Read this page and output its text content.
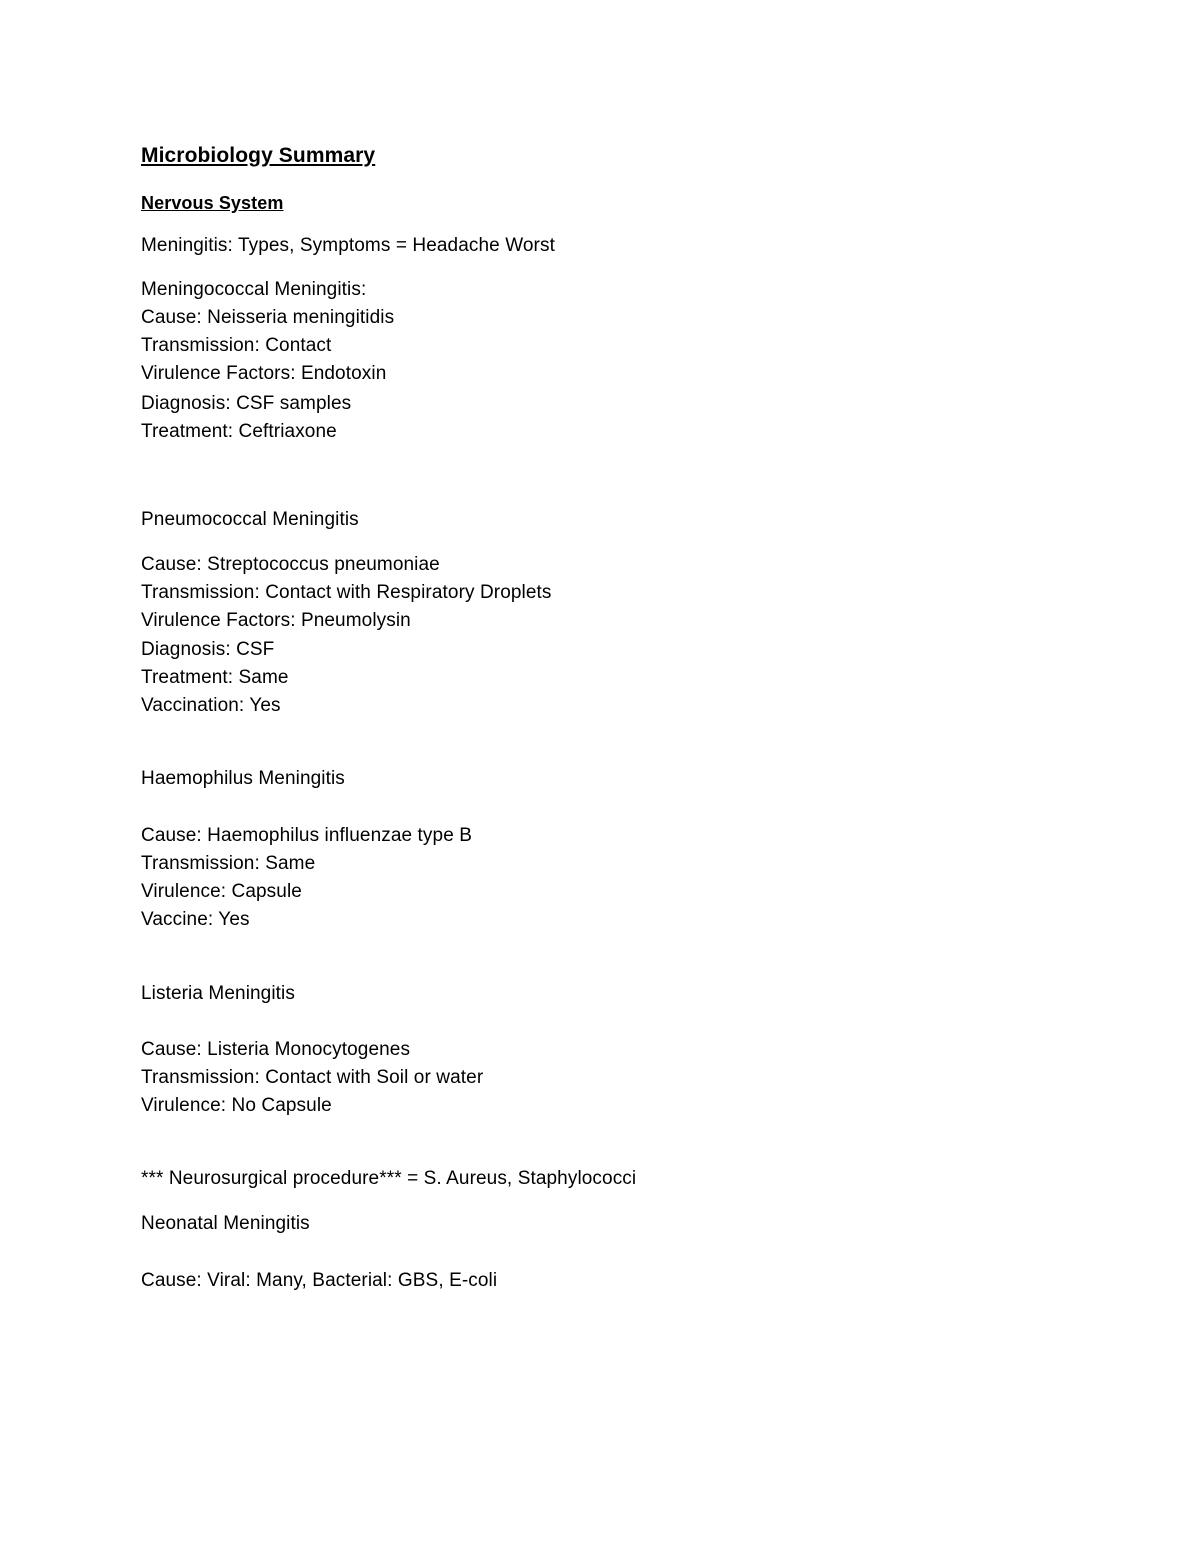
Microbiology Summary
Nervous System
Meningitis: Types, Symptoms = Headache Worst
Meningococcal Meningitis:
Cause: Neisseria meningitidis
Transmission: Contact
Virulence Factors: Endotoxin
Diagnosis: CSF samples
Treatment: Ceftriaxone
Pneumococcal Meningitis
Cause: Streptococcus pneumoniae
Transmission: Contact with Respiratory Droplets
Virulence Factors: Pneumolysin
Diagnosis: CSF
Treatment: Same
Vaccination: Yes
Haemophilus Meningitis
Cause: Haemophilus influenzae type B
Transmission: Same
Virulence: Capsule
Vaccine: Yes
Listeria Meningitis
Cause: Listeria Monocytogenes
Transmission: Contact with Soil or water
Virulence: No Capsule
*** Neurosurgical procedure*** = S. Aureus, Staphylococci
Neonatal Meningitis
Cause: Viral: Many, Bacterial: GBS, E-coli
